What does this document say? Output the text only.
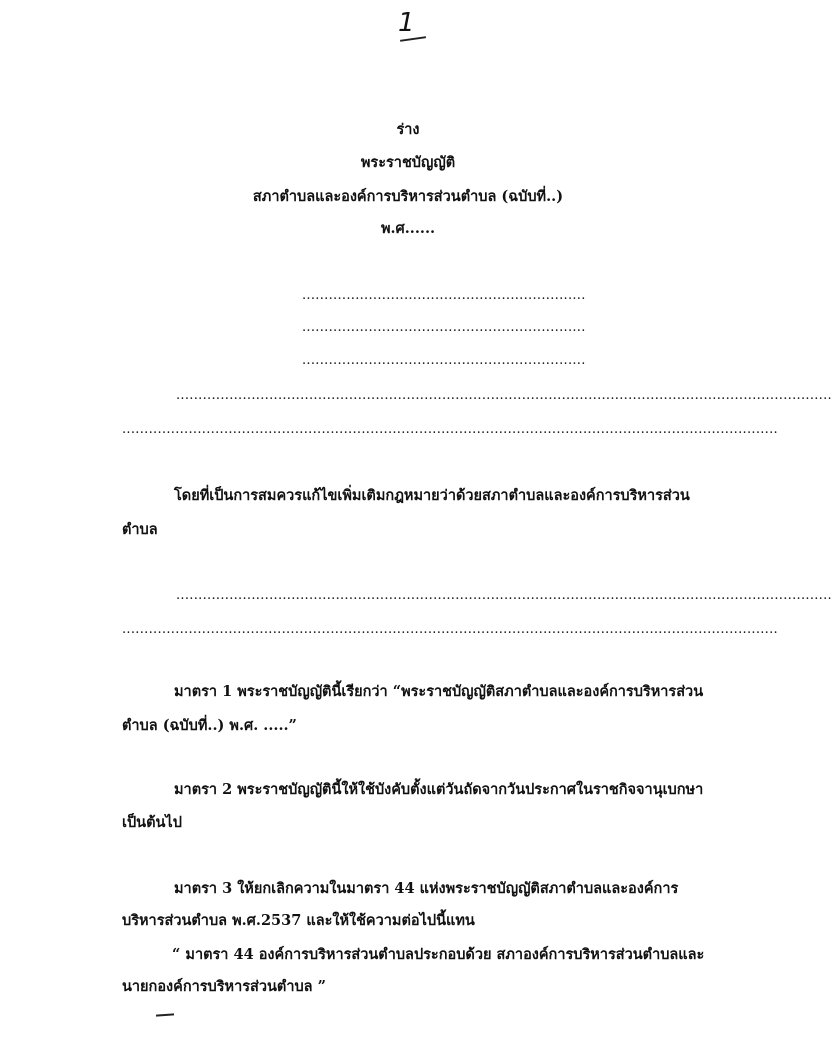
1
ร่าง
พระราชบัญญัติ
สภาตำบลและองค์การบริหารส่วนตำบล (ฉบับที่..)
พ.ศ......
................................................................
................................................................
................................................................
....................................................................................................................................................
....................................................................................................................................................
โดยที่เป็นการสมควรแก้ไขเพิ่มเติมกฎหมายว่าด้วยสภาตำบลและองค์การบริหารส่วน
ตำบล
....................................................................................................................................................
....................................................................................................................................................
มาตรา 1 พระราชบัญญัตินี้เรียกว่า “พระราชบัญญัติสภาตำบลและองค์การบริหารส่วน
ตำบล (ฉบับที่..) พ.ศ. .....”
มาตรา 2 พระราชบัญญัตินี้ให้ใช้บังคับตั้งแต่วันถัดจากวันประกาศในราชกิจจานุเบกษา
เป็นต้นไป
มาตรา 3 ให้ยกเลิกความในมาตรา 44 แห่งพระราชบัญญัติสภาตำบลและองค์การ
บริหารส่วนตำบล พ.ศ.2537 และให้ใช้ความต่อไปนี้แทน
“ มาตรา 44 องค์การบริหารส่วนตำบลประกอบด้วย สภาองค์การบริหารส่วนตำบลและ
นายกองค์การบริหารส่วนตำบล ”
